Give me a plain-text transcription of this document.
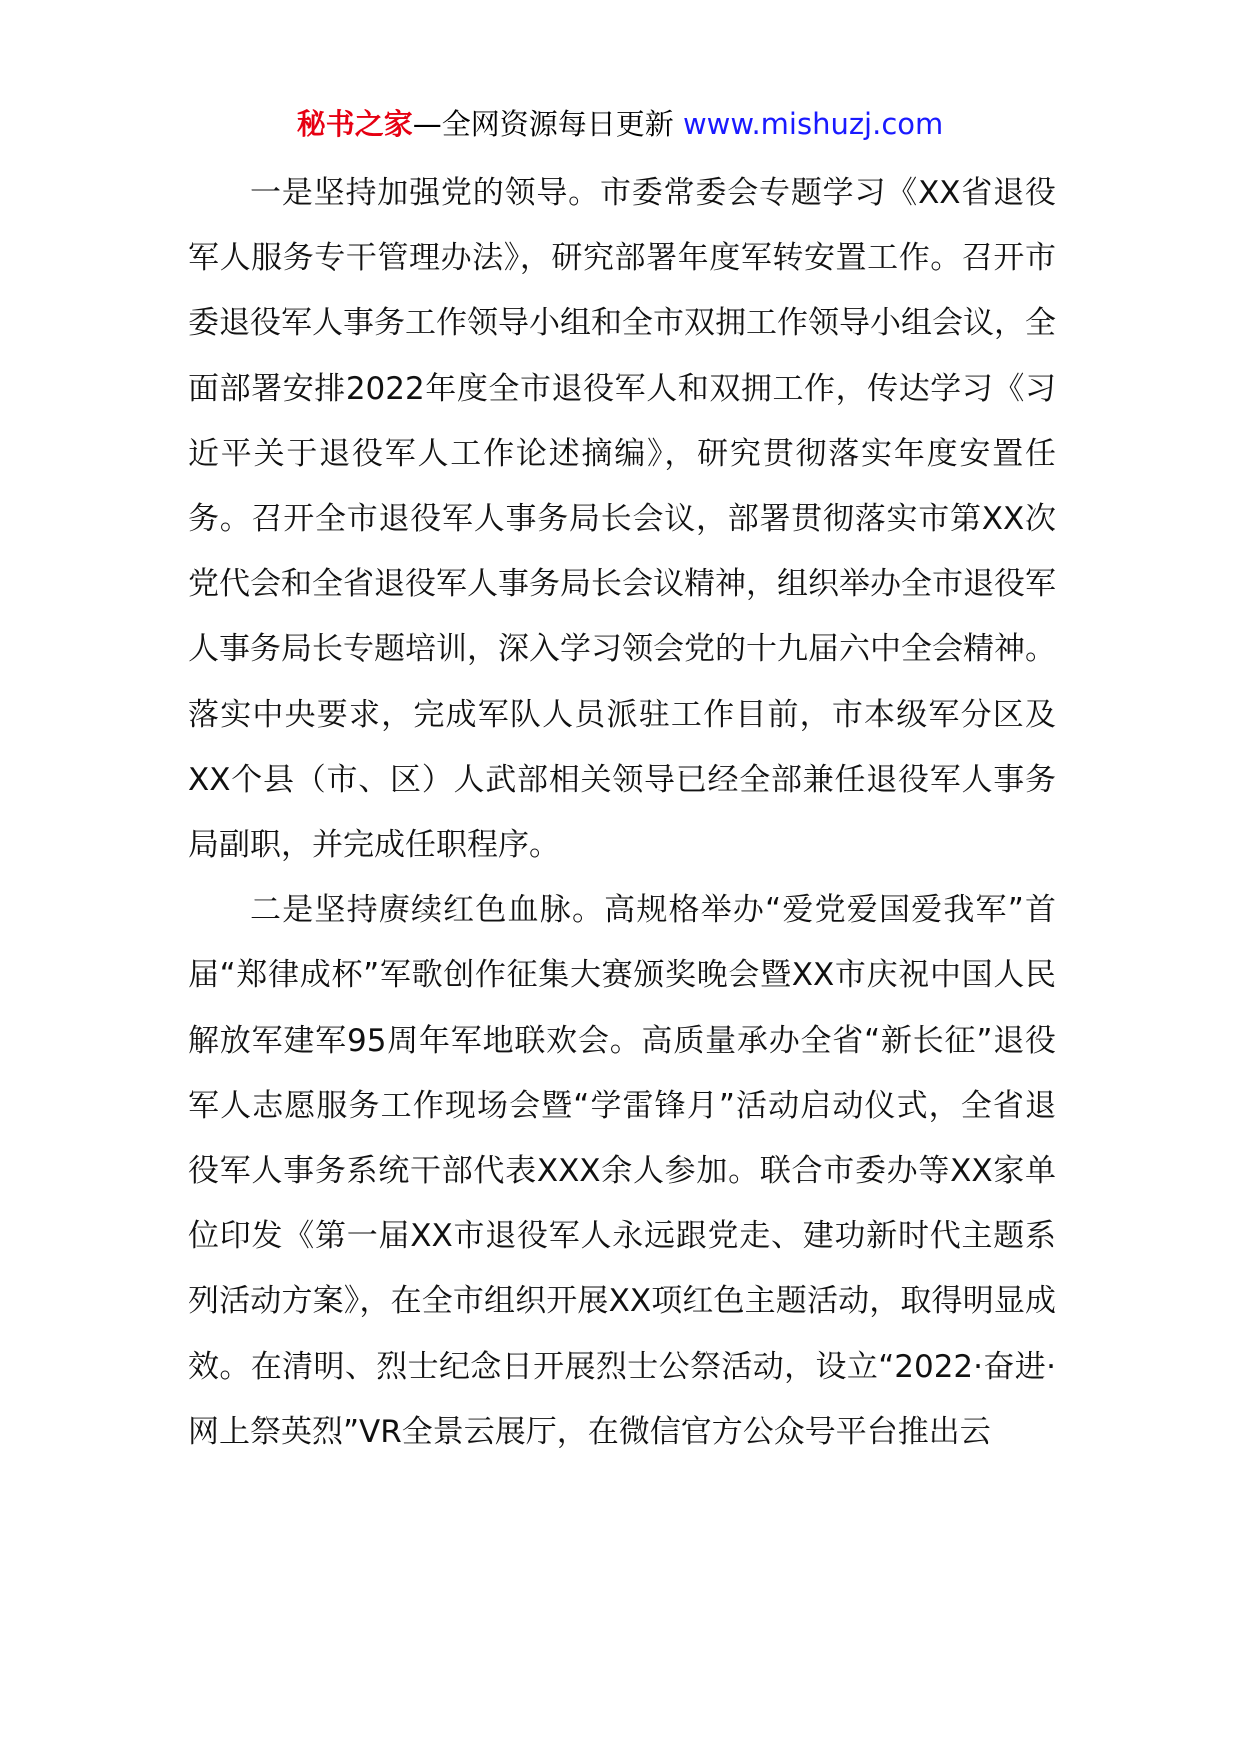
秘书之家—全网资源每日更新 www.mishuzj.com

一是坚持加强党的领导。市委常委会专题学习《XX省退役军人服务专干管理办法》，研究部署年度军转安置工作。召开市委退役军人事务工作领导小组和全市双拥工作领导小组会议，全面部署安排2022年度全市退役军人和双拥工作，传达学习《习近平关于退役军人工作论述摘编》，研究贯彻落实年度安置任务。召开全市退役军人事务局长会议，部署贯彻落实市第XX次党代会和全省退役军人事务局长会议精神，组织举办全市退役军人事务局长专题培训，深入学习领会党的十九届六中全会精神。落实中央要求，完成军队人员派驻工作目前，市本级军分区及XX个县（市、区）人武部相关领导已经全部兼任退役军人事务局副职，并完成任职程序。

二是坚持赓续红色血脉。高规格举办“爱党爱国爱我军”首届“郑律成杯”军歌创作征集大赛颁奖晚会暨XX市庆祝中国人民解放军建军95周年军地联欢会。高质量承办全省“新长征”退役军人志愿服务工作现场会暨“学雷锋月”活动启动仪式，全省退役军人事务系统干部代表XXX余人参加。联合市委办等XX家单位印发《第一届XX市退役军人永远跟党走、建功新时代主题系列活动方案》，在全市组织开展XX项红色主题活动，取得明显成效。在清明、烈士纪念日开展烈士公祭活动，设立“2022·奋进·网上祭英烈”VR全景云展厅，在微信官方公众号平台推出云
